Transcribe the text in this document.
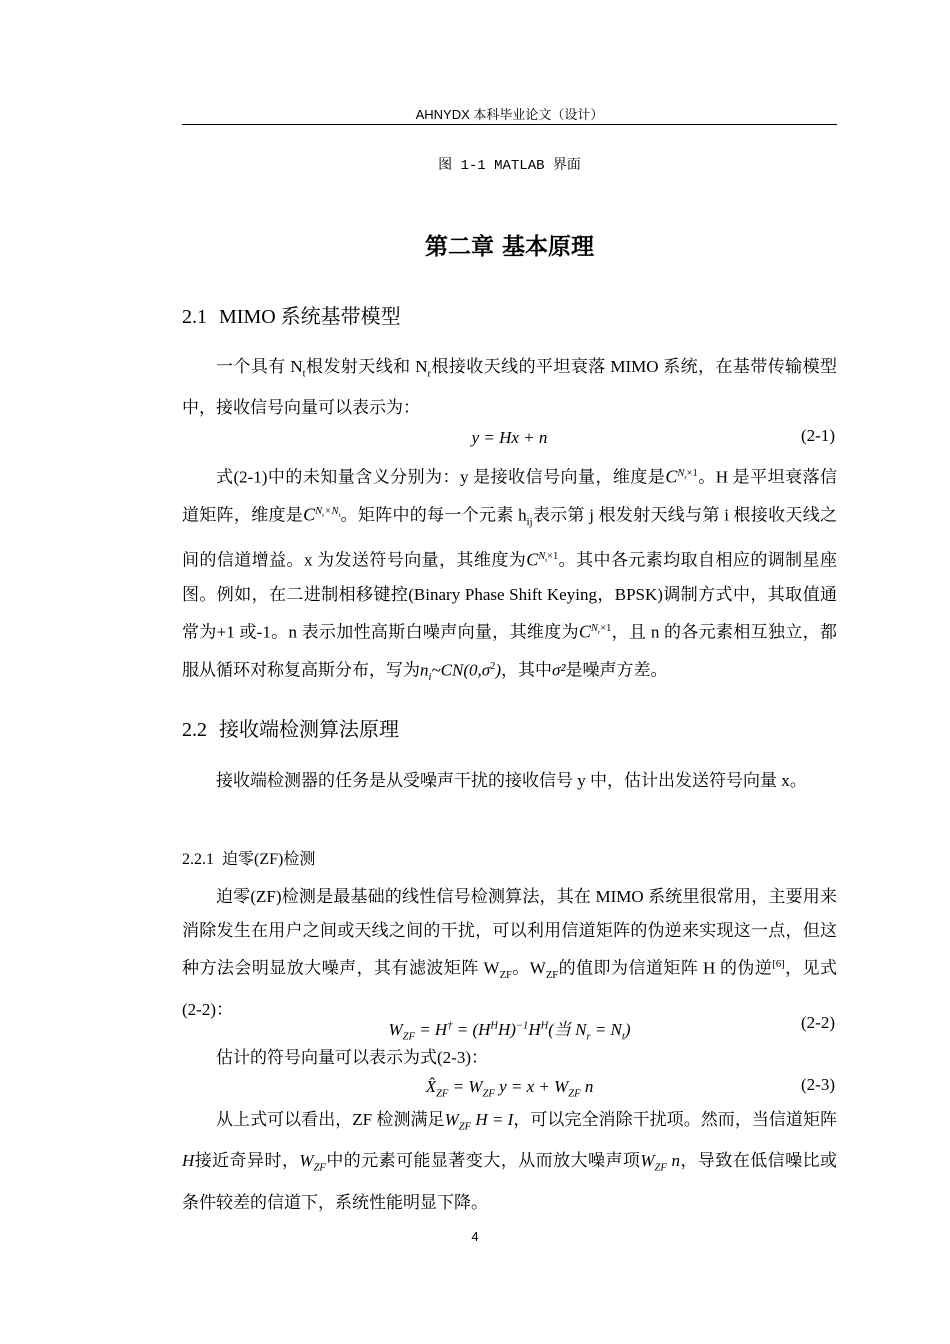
AHNYDX 本科毕业论文（设计）
图 1-1 MATLAB 界面
第二章 基本原理
2.1 MIMO 系统基带模型

一个具有 $N_t$根发射天线和 $N_r$根接收天线的平坦衰落 MIMO 系统，在基带传输模型中，接收信号向量可以表示为：

y = Hx + n	(2-1)

式(2-1)中的未知量含义分别为：y 是接收信号向量，维度是$C^{N_r\times 1}$。H 是平坦衰落信道矩阵，维度是$C^{N_r\times N_t}$。矩阵中的每一个元素 $h_{ij}$表示第 j 根发射天线与第 i 根接收天线之间的信道增益。x 为发送符号向量，其维度为$C^{N_t\times 1}$。其中各元素均取自相应的调制星座图。例如，在二进制相移键控(Binary Phase Shift Keying，BPSK)调制方式中，其取值通常为+1 或-1。n 表示加性高斯白噪声向量，其维度为$C^{N_r\times 1}$，且 n 的各元素相互独立，都服从循环对称复高斯分布，写为$n_i\sim CN(0,\sigma^2)$，其中σ²是噪声方差。

2.2 接收端检测算法原理

接收端检测器的任务是从受噪声干扰的接收信号 y 中，估计出发送符号向量 x。

2.2.1 迫零(ZF)检测

迫零(ZF)检测是最基础的线性信号检测算法，其在 MIMO 系统里很常用，主要用来消除发生在用户之间或天线之间的干扰，可以利用信道矩阵的伪逆来实现这一点，但这种方法会明显放大噪声，其有滤波矩阵 $W_{ZF}$。$W_{ZF}$的值即为信道矩阵 H 的伪逆[6]，见式(2-2)：

$W_{ZF} = H^\dagger = (H^HH)^{-1}H^H$(当 $N_r = N_t$)	(2-2)

估计的符号向量可以表示为式(2-3)：

$X̂_{ZF} = W_{ZF}$ $y = x + W_{ZF}$ n	(2-3)

从上式可以看出，ZF 检测满足$W_{ZF}$ H = I，可以完全消除干扰项。然而，当信道矩阵H接近奇异时，$W_{ZF}$中的元素可能显著变大，从而放大噪声项$W_{ZF}$ n，导致在低信噪比或条件较差的信道下，系统性能明显下降。

4
